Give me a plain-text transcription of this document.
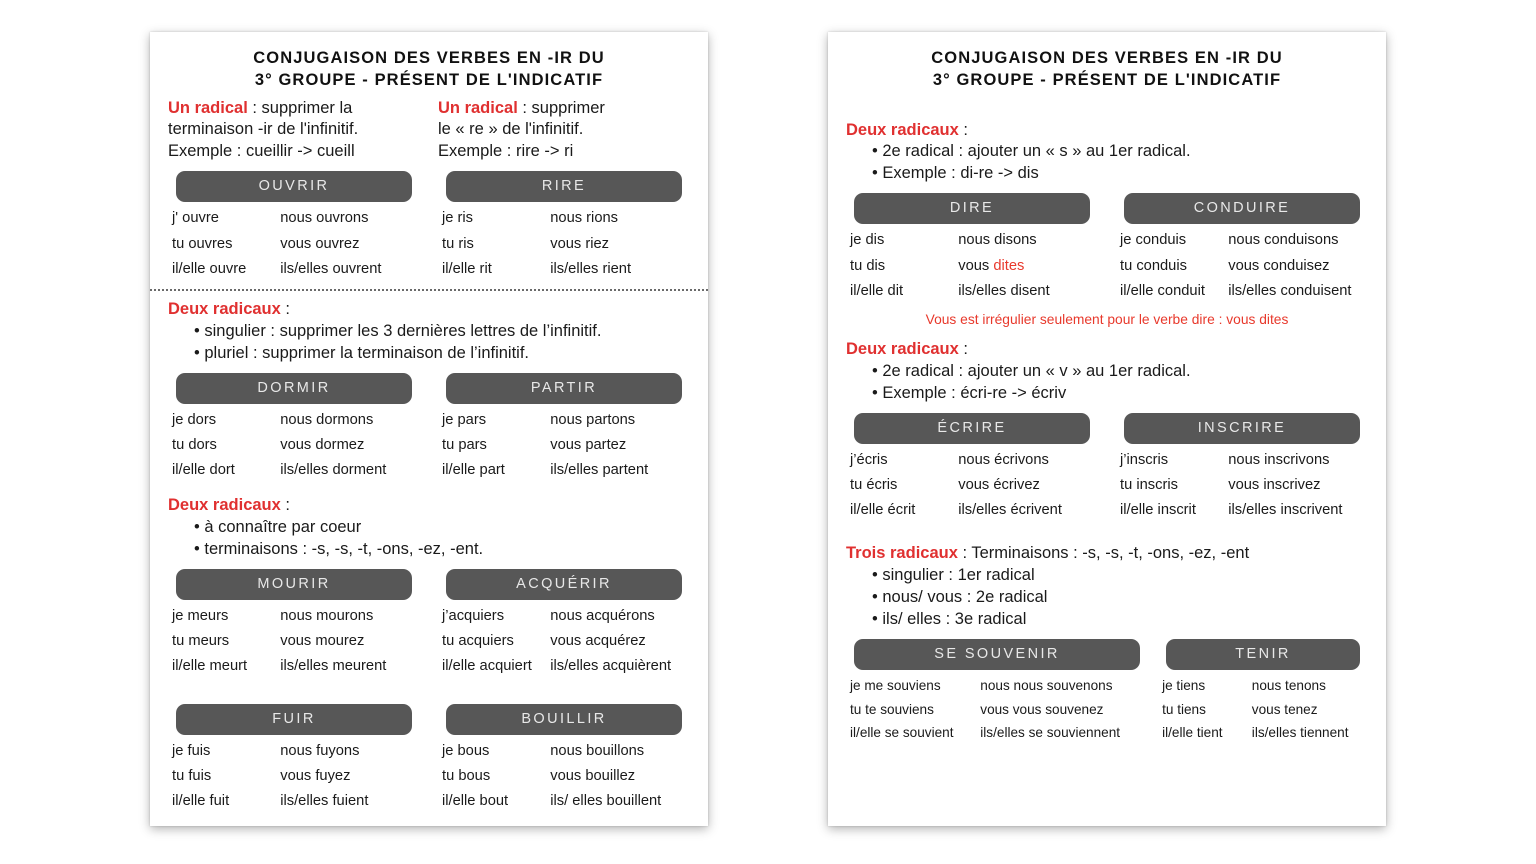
CONJUGAISON DES VERBES EN -IR DU
3° GROUPE - PRÉSENT DE L'INDICATIF
Un radical : supprimer la
terminaison -ir de l'infinitif.
Exemple : cueillir -> cueill
Un radical : supprimer
le « re » de l'infinitif.
Exemple : rire -> ri
OUVRIR
j' ouvre	nous ouvrons
tu ouvres	vous ouvrez
il/elle ouvre	ils/elles ouvrent
RIRE
je ris	nous rions
tu ris	vous riez
il/elle rit	ils/elles rient
Deux radicaux :
• singulier : supprimer les 3 dernières lettres de l’infinitif.
• pluriel : supprimer la terminaison de l’infinitif.
DORMIR
je dors	nous dormons
tu dors	vous dormez
il/elle dort	ils/elles dorment
PARTIR
je pars	nous partons
tu pars	vous partez
il/elle part	ils/elles partent
Deux radicaux :
• à connaître par coeur
• terminaisons : -s, -s, -t, -ons, -ez, -ent.
MOURIR
je meurs	nous mourons
tu meurs	vous mourez
il/elle meurt	ils/elles meurent
ACQUÉRIR
j’acquiers	nous acquérons
tu acquiers	vous acquérez
il/elle acquiert	ils/elles acquièrent
FUIR
je fuis	nous fuyons
tu fuis	vous fuyez
il/elle fuit	ils/elles fuient
BOUILLIR
je bous	nous bouillons
tu bous	vous bouillez
il/elle bout	ils/ elles bouillent
CONJUGAISON DES VERBES EN -IR DU
3° GROUPE - PRÉSENT DE L'INDICATIF
Deux radicaux :
• 2e radical : ajouter un « s » au 1er radical.
• Exemple : di-re -> dis
DIRE
je dis	nous disons
tu dis	vous dites
il/elle dit	ils/elles disent
CONDUIRE
je conduis	nous conduisons
tu conduis	vous conduisez
il/elle conduit	ils/elles conduisent
Vous est irrégulier seulement pour le verbe dire : vous dites
Deux radicaux :
• 2e radical : ajouter un « v » au 1er radical.
• Exemple : écri-re -> écriv
ÉCRIRE
j’écris	nous écrivons
tu écris	vous écrivez
il/elle écrit	ils/elles écrivent
INSCRIRE
j’inscris	nous inscrivons
tu inscris	vous inscrivez
il/elle inscrit	ils/elles inscrivent
Trois radicaux : Terminaisons : -s, -s, -t, -ons, -ez, -ent
• singulier : 1er radical
• nous/ vous : 2e radical
• ils/ elles : 3e radical
SE SOUVENIR
je me souviens	nous nous souvenons
tu te souviens	vous vous souvenez
il/elle se souvient	ils/elles se souviennent
TENIR
je tiens	nous tenons
tu tiens	vous tenez
il/elle tient	ils/elles tiennent
